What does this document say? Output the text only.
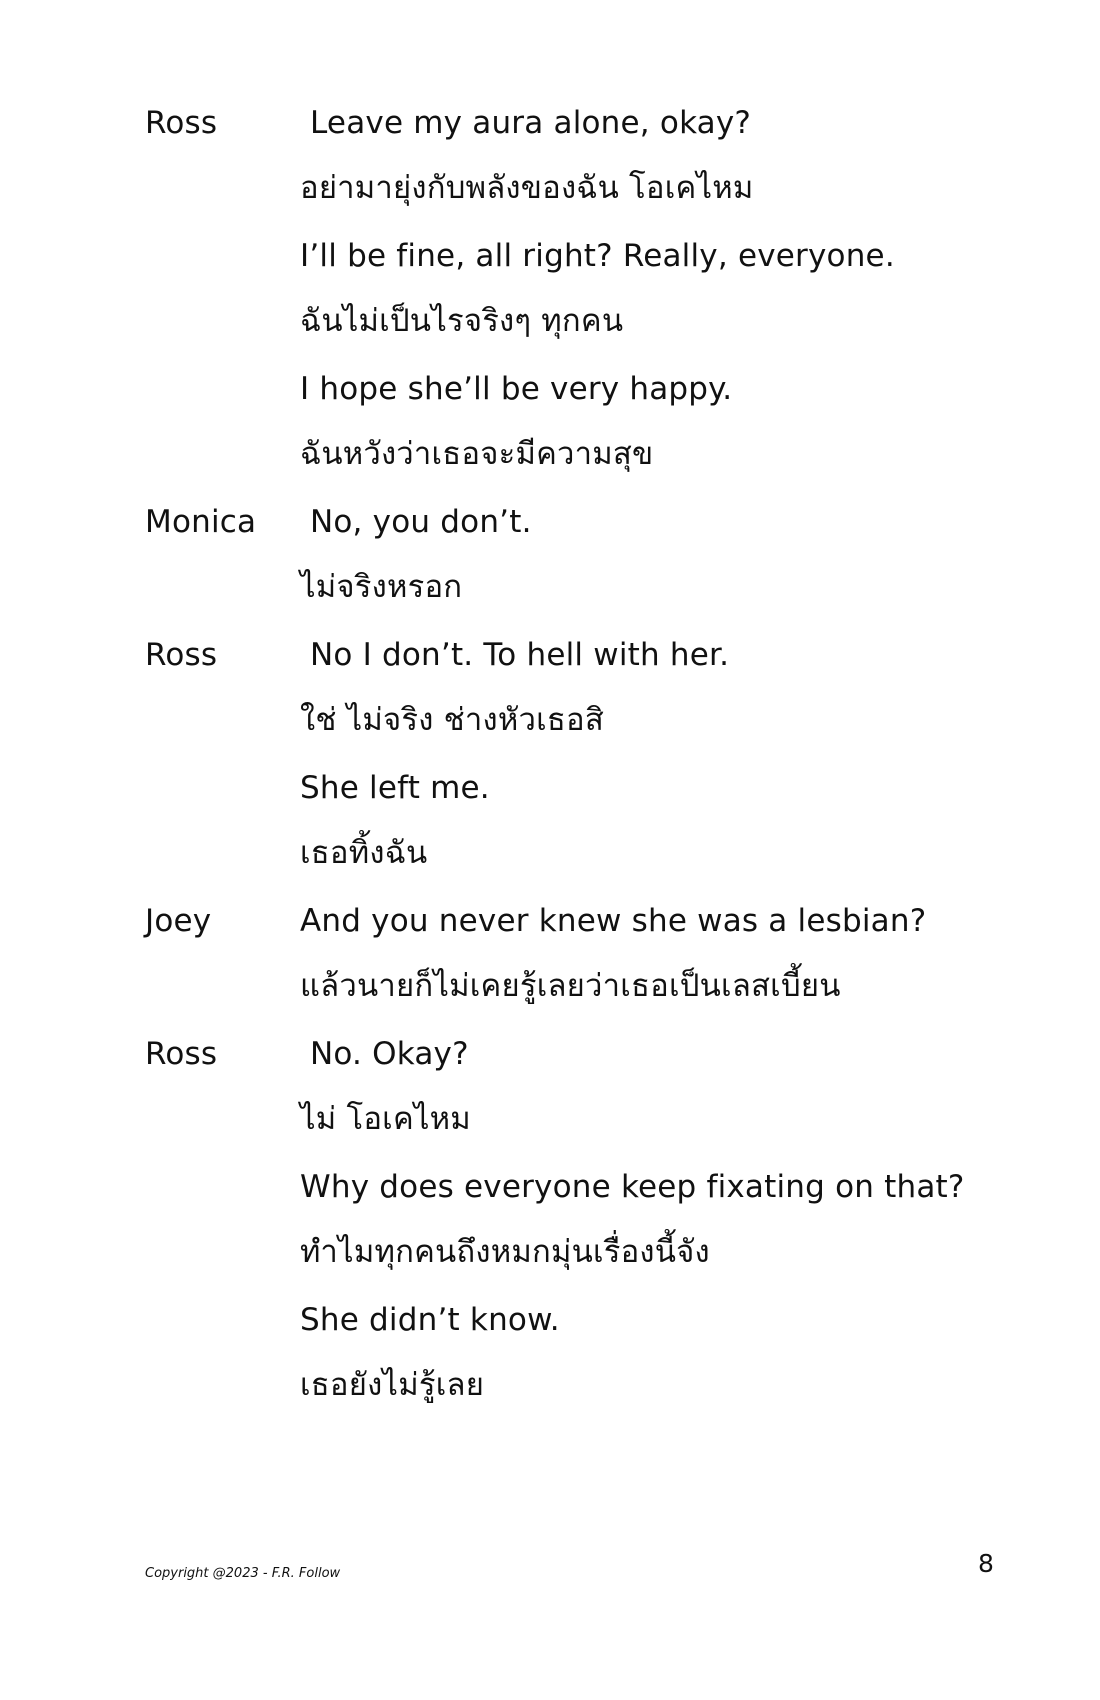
Ross	Leave my aura alone, okay?
อย่ามายุ่งกับพลังของฉัน โอเคไหม
I’ll be fine, all right? Really, everyone.
ฉันไม่เป็นไรจริงๆ ทุกคน
I hope she’ll be very happy.
ฉันหวังว่าเธอจะมีความสุข
Monica No, you don’t.
ไม่จริงหรอก
Ross	No I don’t. To hell with her.
ใช่ ไม่จริง ช่างหัวเธอสิ
She left me.
เธอทิ้งฉัน
Joey	And you never knew she was a lesbian?
แล้วนายก็ไม่เคยรู้เลยว่าเธอเป็นเลสเบี้ยน
Ross	No. Okay?
ไม่ โอเคไหม
Why does everyone keep fixating on that?
ทำไมทุกคนถึงหมกมุ่นเรื่องนี้จัง
She didn’t know.
เธอยังไม่รู้เลย
Copyright @2023 - F.R. Follow	8
